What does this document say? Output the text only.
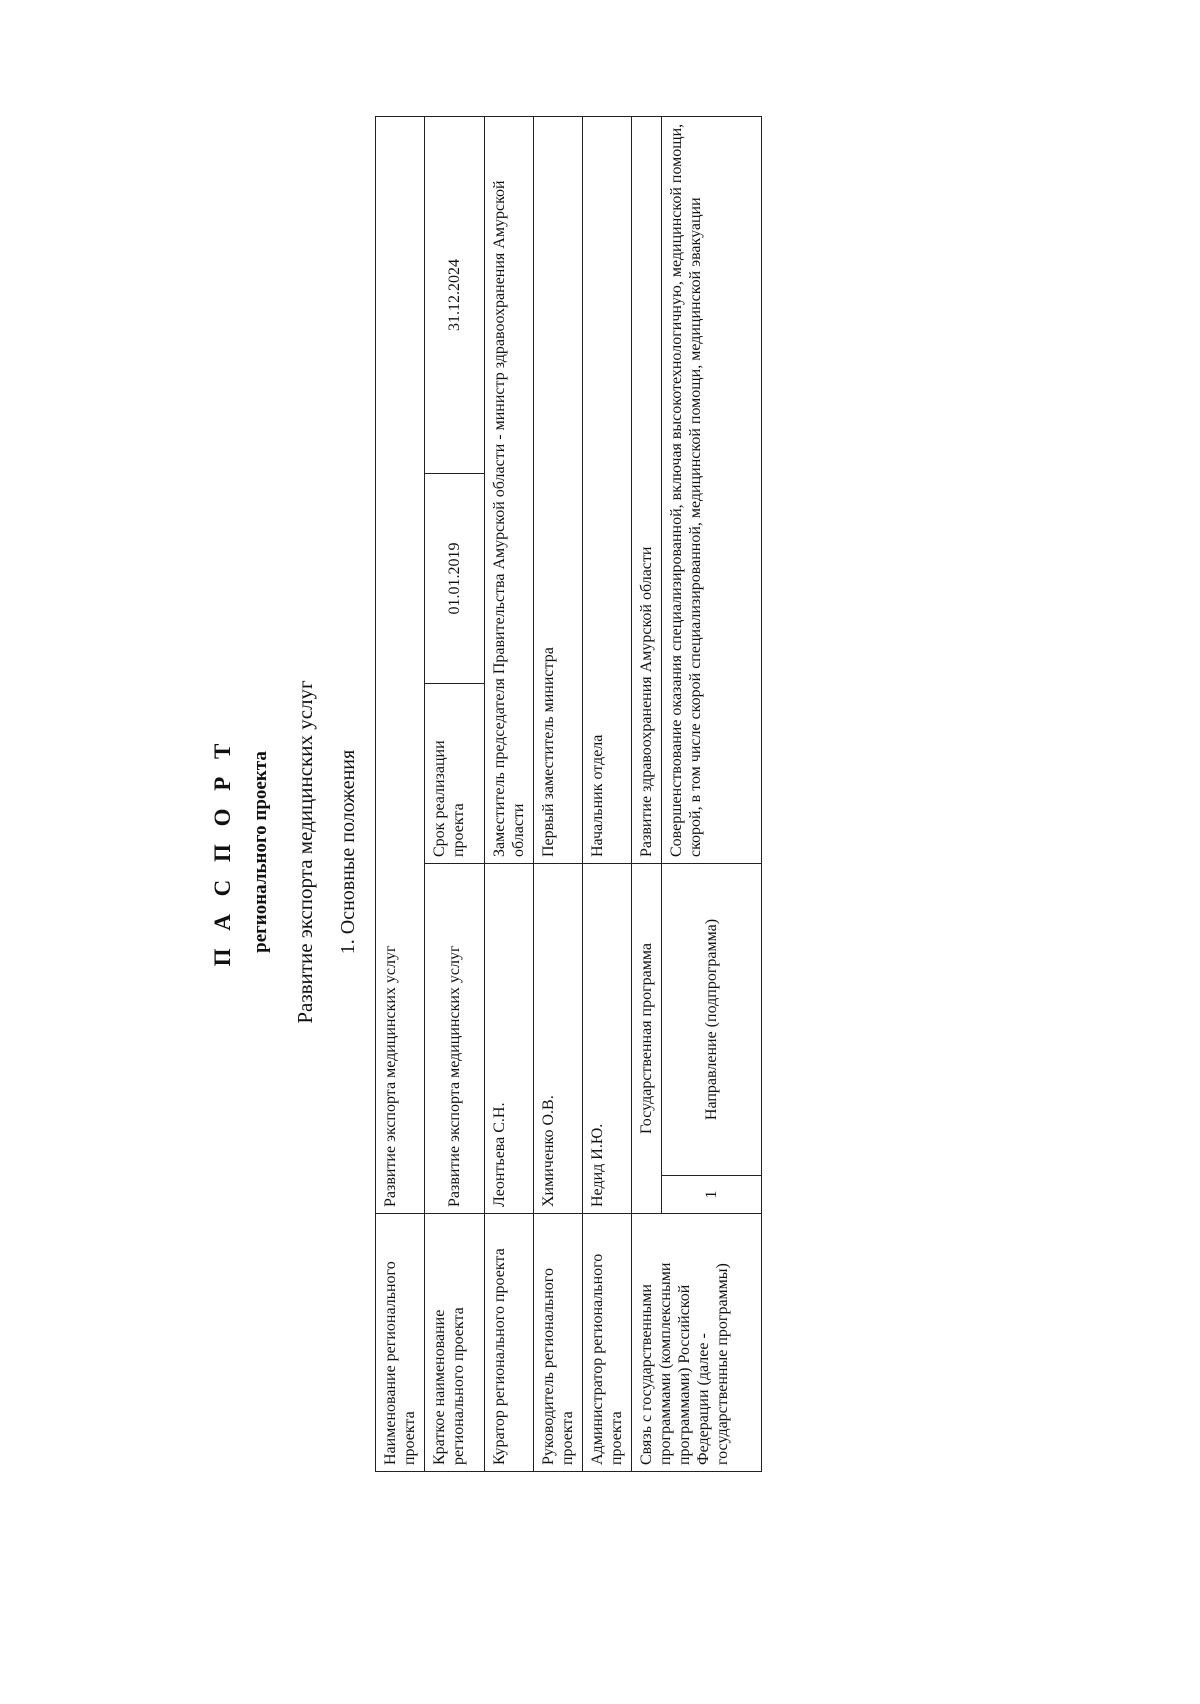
П А С П О Р Т регионального проекта Развитие экспорта медицинских услуг 1. Основные положения
Наименование регионального проекта	Развитие экспорта медицинских услуг				
Краткое наименование регионального проекта	Развитие экспорта медицинских услуг		Срок реализации проекта	01.01.2019	31.12.2024
Куратор регионального проекта	Леонтьева С.Н.		Заместитель председателя Правительства Амурской области - министр здравоохранения Амурской области		
Руководитель регионального проекта	Химиченко О.В.		Первый заместитель министра		
Администратор регионального проекта	Недид И.Ю.		Начальник отдела		
Связь с государственными программами (комплексными программами) Российской Федерации (далее - государственные программы)	Государственная программа		Развитие здравоохранения Амурской области		
	1	Направление (подпрограмма)	Совершенствование оказания специализированной, включая высокотехнологичную, медицинской помощи, скорой, в том числе скорой специализированной, медицинской помощи, медицинской эвакуации		
